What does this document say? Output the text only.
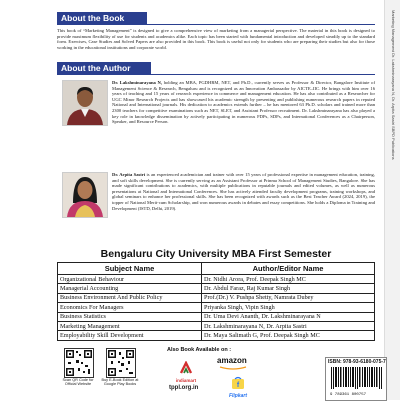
About the Book
This book of “Marketing Management” is designed to give a comprehensive view of marketing from a managerial perspective. The material in this book is designed to provide maximum flexibility of use for students and academics alike. Each topic has been started with fundamental introduction and developed steadily up to the standard form. Exercises, Case Studies and Solved Papers are also provided in this book. This book is useful not only for students who are preparing their studies but also for those working in the educational institutions and corporate world.
About the Author
Dr. Lakshminarayana N, holding an MBA, PGDHRM, NET, and Ph.D., currently serves as Professor & Director, Bangalore Institute of Management Science & Research, Bengaluru and is recognized as an Innovation Ambassador by AICTE–IIC. He brings with him over 16 years of teaching and 15 years of research experience in commerce and management education. He has also contributed as a Researcher for UGC Minor Research Projects and has showcased his academic strength by presenting and publishing numerous research papers in reputed National and International journals. His dedication to academics extends further – he has mentored 63 Ph.D. scholars and trained more than 2300 teachers for competitive examinations such as NET, SLET, and Assistant Professor recruitment. Dr. Lakshminarayana has also played a key role in knowledge dissemination by actively participating in numerous FDPs, SDPs, and International Conferences as a Chairperson, Speaker, and Resource Person.
Dr. Arpita Sastri is an experienced academician and trainer with over 15 years of professional expertise in management education, training, and soft skills development. She is currently serving as an Assistant Professor at Prinma School of Management Studies, Bangalore. She has made significant contributions to academics, with multiple publications in reputable journals and edited volumes, as well as numerous presentations at National and International Conferences. She has actively attended faculty development programs, training workshops, and global seminars to enhance her professional skills. She has been recognized with awards such as the Best Teacher Award (2024, 2019), the topper of National Merit-cum Scholarship, and won numerous awards in debates and essay competitions. She holds a Diploma in Training and Development (ISTD, Delhi, 2019).
Marketing Management Dr. Lakshminarayana N, Dr. Arpita Sastri SBPD Publications
Bengaluru City University MBA First Semester
Subject Name	Author/Editor Name
Organizational Behaviour	Dr. Nidhi Arora, Prof. Deepak Singh MC
Managerial Accounting	Dr. Abdul Faraz, Raj Kumar Singh
Business Environment And Public Policy	Prof.(Dr.) V. Pushpa Shetty, Namrata Dubey
Economics For Managers	Priyanka Singh, Vipin Singh
Business Statistics	Dr. Uma Devi Ananth, Dr. Lakshminarayana N
Marketing Management	Dr. Lakshminarayana N, Dr. Arpita Sastri
Employability Skill Development	Dr. Maya Salimath G, Prof. Deepak Singh MC
Scan QR Code for Official Website
Buy E-Book Edition at Google Play Books
Also Book Available on :
amazon
indiamart
tppl.org.in	f
Flipkart
ISBN: 978-93-6180-075-7
9 789361 800757
